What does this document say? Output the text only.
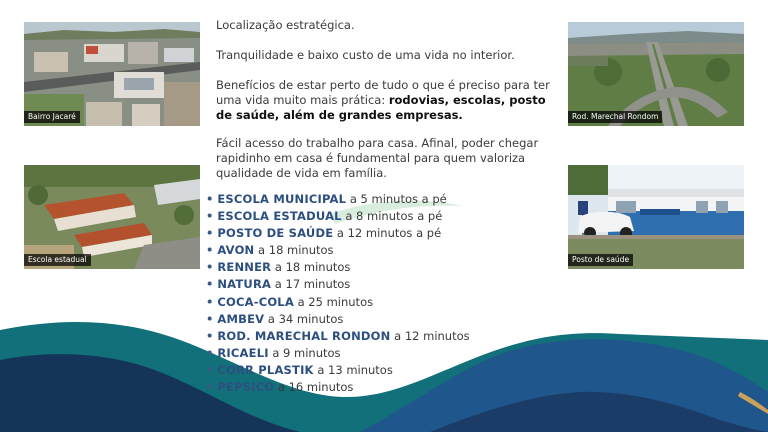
Bairro Jacaré	Rod. Marechal Rondom
Escola estadual	Posto de saúde
Localização estratégica.
Tranquilidade e baixo custo de uma vida no interior.
Benefícios de estar perto de tudo o que é preciso para ter uma vida muito mais prática: rodovias, escolas, posto de saúde, além de grandes empresas.
Fácil acesso do trabalho para casa. Afinal, poder chegar rapidinho em casa é fundamental para quem valoriza qualidade de vida em família.
• ESCOLA MUNICIPAL a 5 minutos a pé
• ESCOLA ESTADUAL a 8 minutos a pé
• POSTO DE SAÚDE a 12 minutos a pé
• AVON a 18 minutos
• RENNER a 18 minutos
• NATURA a 17 minutos
• COCA-COLA a 25 minutos
• AMBEV a 34 minutos
• ROD. MARECHAL RONDON a 12 minutos
• RICAELI a 9 minutos
• CORR PLASTIK a 13 minutos
• PEPSICO a 16 minutos
